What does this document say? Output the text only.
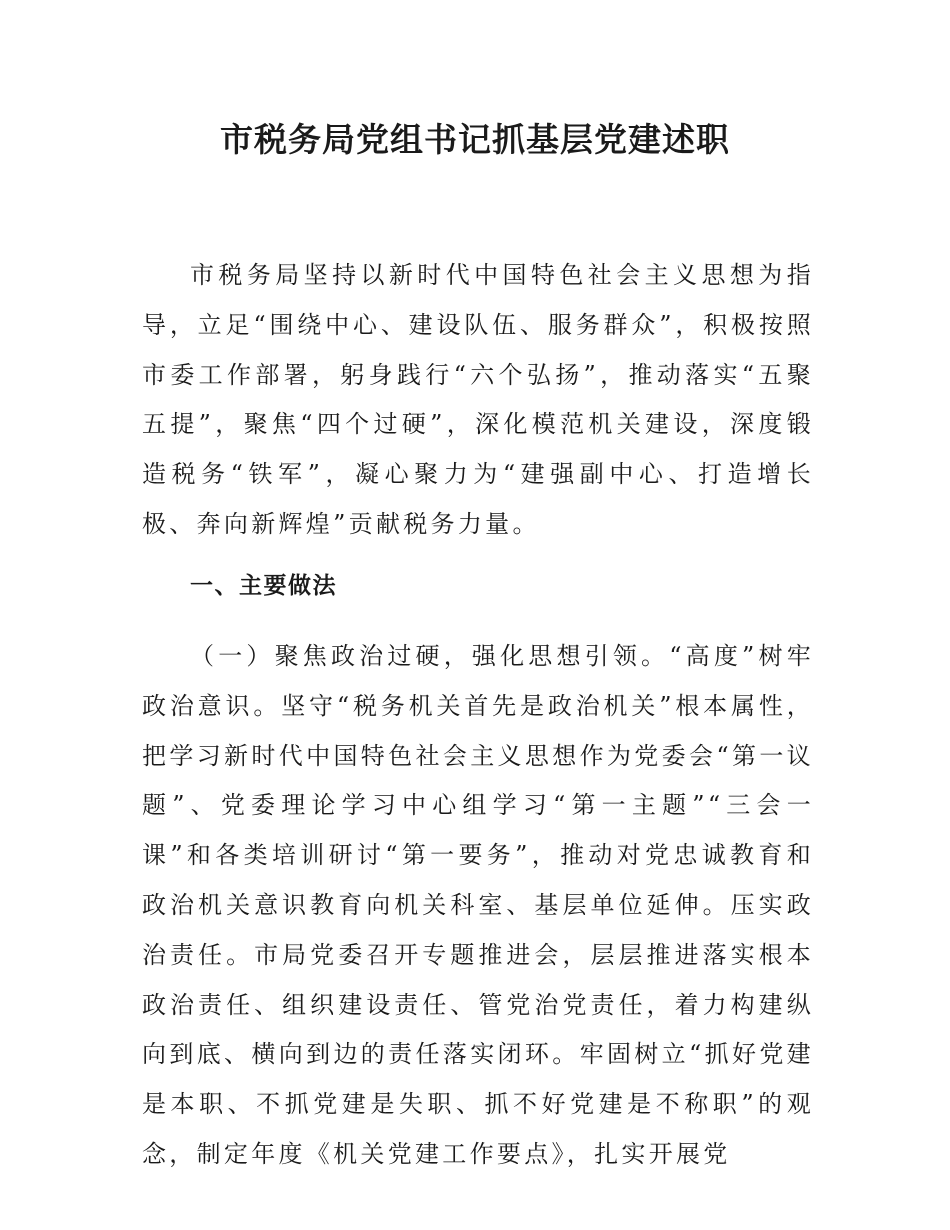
市税务局党组书记抓基层党建述职

市税务局坚持以新时代中国特色社会主义思想为指导，立足“围绕中心、建设队伍、服务群众”，积极按照市委工作部署，躬身践行“六个弘扬”，推动落实“五聚五提”，聚焦“四个过硬”，深化模范机关建设，深度锻造税务“铁军”，凝心聚力为“建强副中心、打造增长极、奔向新辉煌”贡献税务力量。

一、主要做法

（一）聚焦政治过硬，强化思想引领。“高度”树牢政治意识。坚守“税务机关首先是政治机关”根本属性，把学习新时代中国特色社会主义思想作为党委会“第一议题”、党委理论学习中心组学习“第一主题”“三会一课”和各类培训研讨“第一要务”，推动对党忠诚教育和政治机关意识教育向机关科室、基层单位延伸。压实政治责任。市局党委召开专题推进会，层层推进落实根本政治责任、组织建设责任、管党治党责任，着力构建纵向到底、横向到边的责任落实闭环。牢固树立“抓好党建是本职、不抓党建是失职、抓不好党建是不称职”的观念，制定年度《机关党建工作要点》，扎实开展党
